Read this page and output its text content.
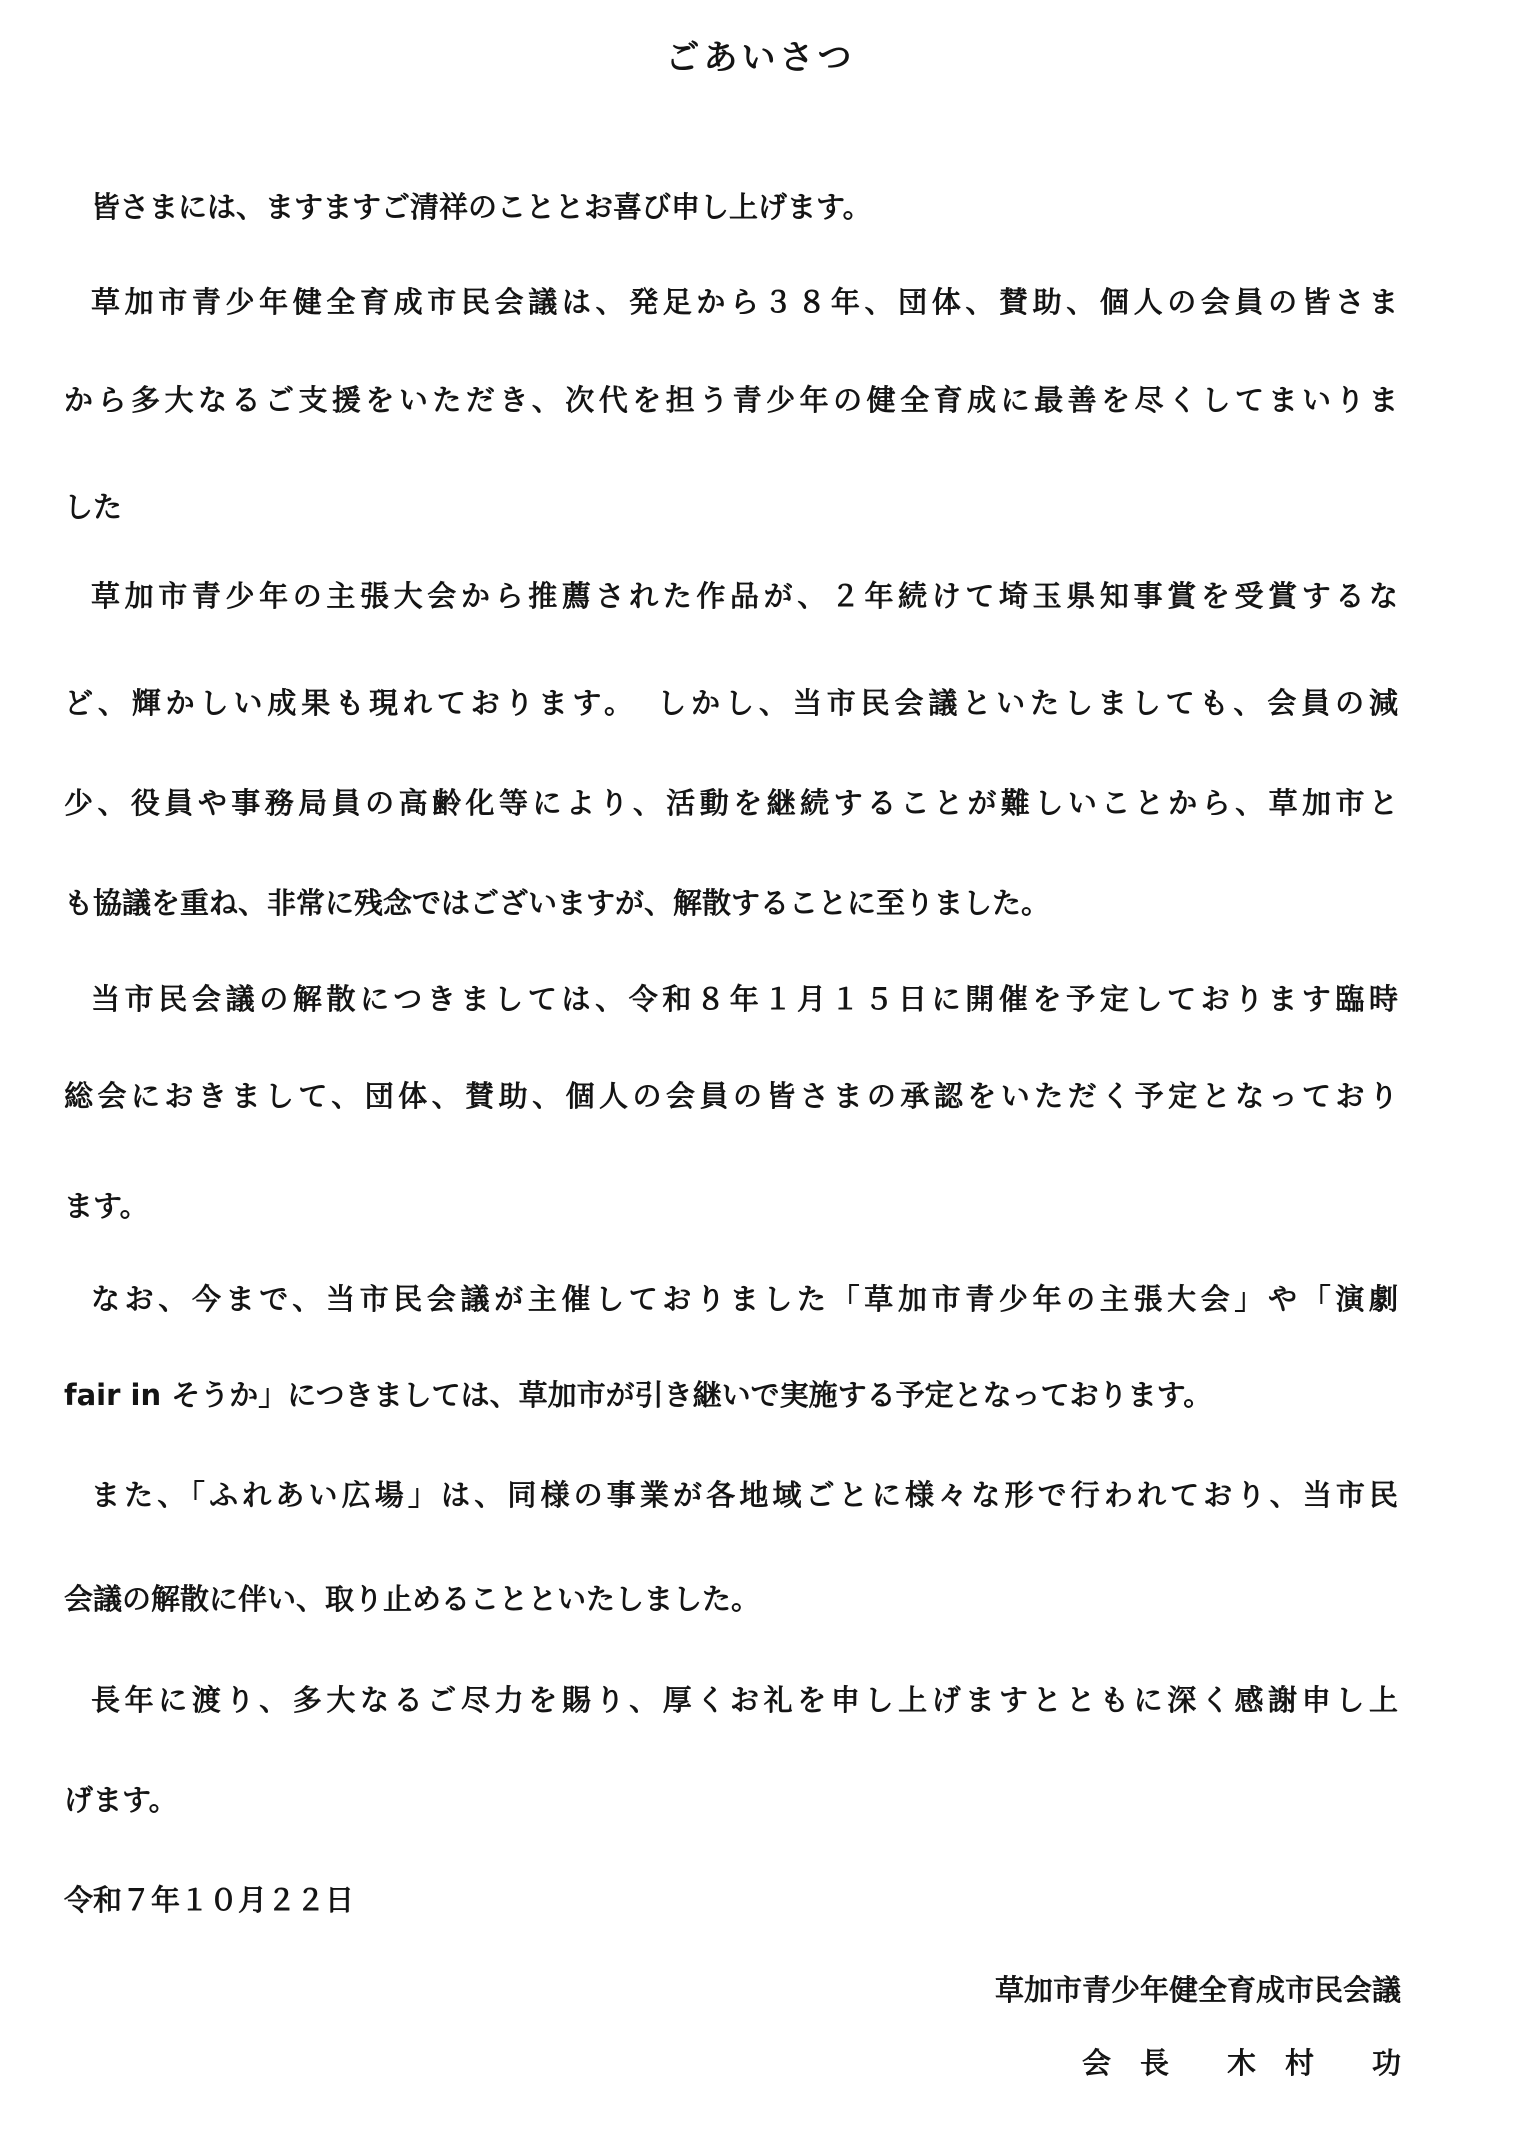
ごあいさつ
皆さまには、ますますご清祥のこととお喜び申し上げます。
草加市青少年健全育成市民会議は、発足から３８年、団体、賛助、個人の会員の皆さま
から多大なるご支援をいただき、次代を担う青少年の健全育成に最善を尽くしてまいりま
した
草加市青少年の主張大会から推薦された作品が、２年続けて埼玉県知事賞を受賞するな
ど、輝かしい成果も現れております。　しかし、当市民会議といたしましても、会員の減
少、役員や事務局員の高齢化等により、活動を継続することが難しいことから、草加市と
も協議を重ね、非常に残念ではございますが、解散することに至りました。
当市民会議の解散につきましては、令和８年１月１５日に開催を予定しております臨時
総会におきまして、団体、賛助、個人の会員の皆さまの承認をいただく予定となっており
ます。
なお、今まで、当市民会議が主催しておりました「草加市青少年の主張大会」や「演劇
fair in そうか」につきましては、草加市が引き継いで実施する予定となっております。
また、「ふれあい広場」は、同様の事業が各地域ごとに様々な形で行われており、当市民
会議の解散に伴い、取り止めることといたしました。
長年に渡り、多大なるご尽力を賜り、厚くお礼を申し上げますとともに深く感謝申し上
げます。
令和７年１０月２２日
草加市青少年健全育成市民会議
会　長　　木　村　　功
